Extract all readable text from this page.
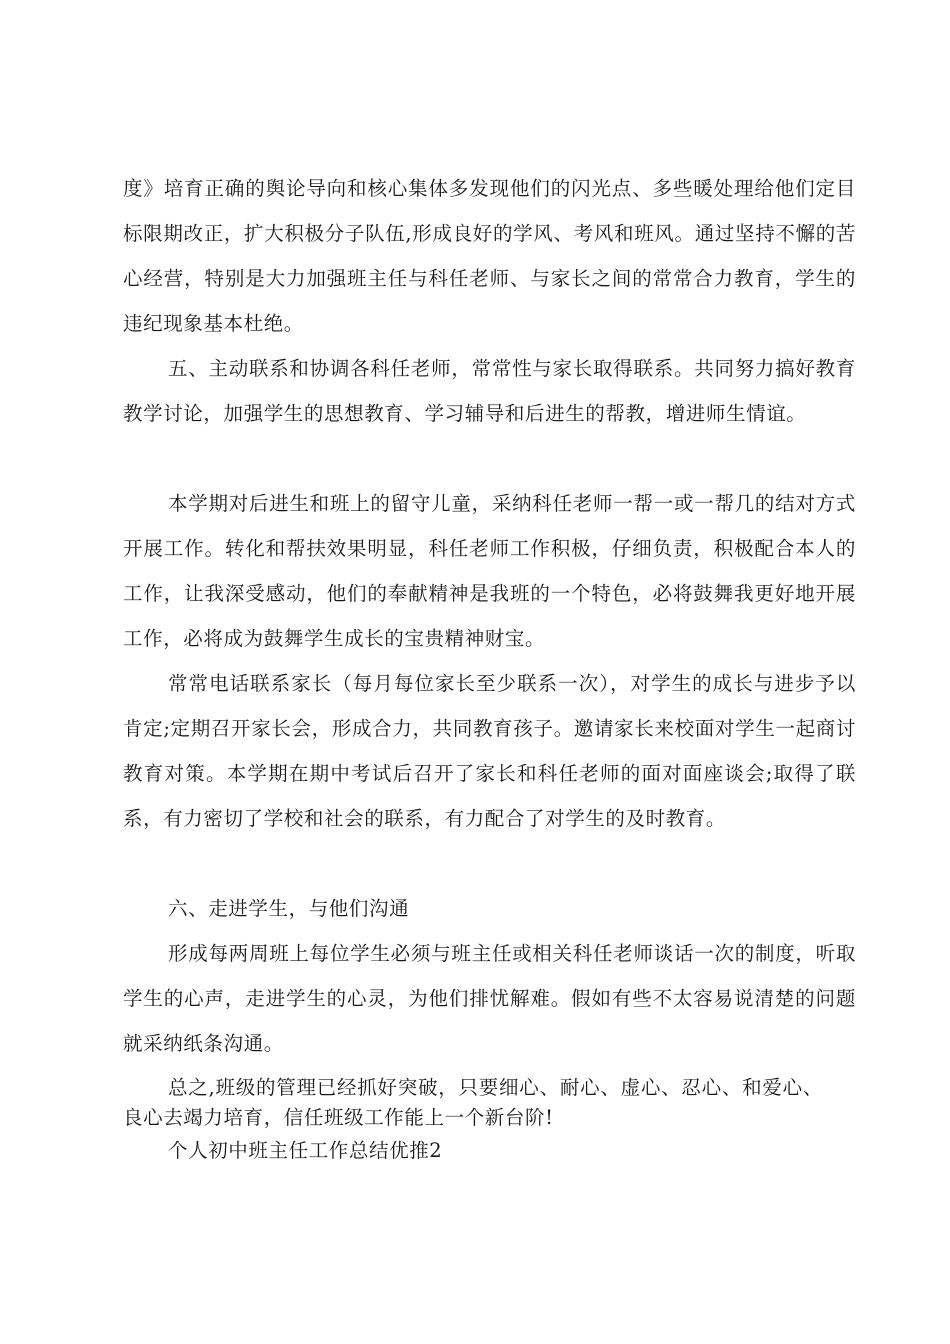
度》培育正确的舆论导向和核心集体多发现他们的闪光点、多些暖处理给他们定目标限期改正，扩大积极分子队伍,形成良好的学风、考风和班风。通过坚持不懈的苦心经营，特别是大力加强班主任与科任老师、与家长之间的常常合力教育，学生的违纪现象基本杜绝。

五、主动联系和协调各科任老师，常常性与家长取得联系。共同努力搞好教育教学讨论，加强学生的思想教育、学习辅导和后进生的帮教，增进师生情谊。

本学期对后进生和班上的留守儿童，采纳科任老师一帮一或一帮几的结对方式开展工作。转化和帮扶效果明显，科任老师工作积极，仔细负责，积极配合本人的工作，让我深受感动，他们的奉献精神是我班的一个特色，必将鼓舞我更好地开展工作，必将成为鼓舞学生成长的宝贵精神财宝。

常常电话联系家长（每月每位家长至少联系一次），对学生的成长与进步予以肯定;定期召开家长会，形成合力，共同教育孩子。邀请家长来校面对学生一起商讨教育对策。本学期在期中考试后召开了家长和科任老师的面对面座谈会;取得了联系，有力密切了学校和社会的联系，有力配合了对学生的及时教育。

六、走进学生，与他们沟通

形成每两周班上每位学生必须与班主任或相关科任老师谈话一次的制度，听取学生的心声，走进学生的心灵，为他们排忧解难。假如有些不太容易说清楚的问题就采纳纸条沟通。

总之,班级的管理已经抓好突破，只要细心、耐心、虚心、忍心、和爱心、良心去竭力培育，信任班级工作能上一个新台阶!

个人初中班主任工作总结优推2
